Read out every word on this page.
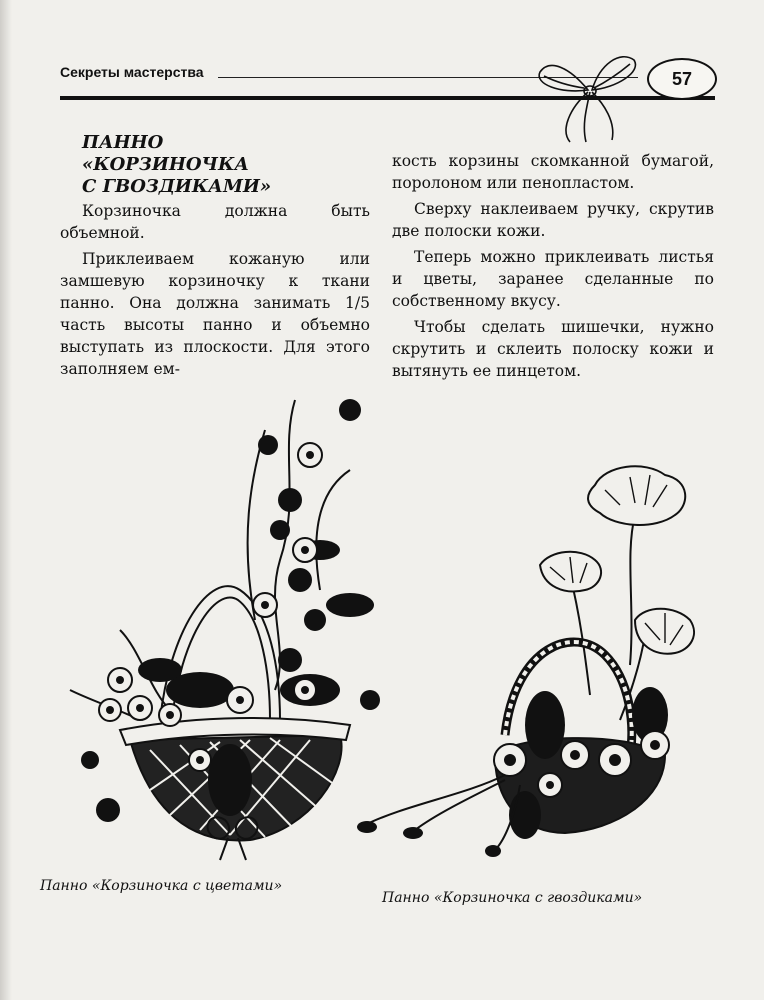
Секреты мастерства	57
ПАННО
«КОРЗИНОЧКА
С ГВОЗДИКАМИ»

Корзиночка должна быть объемной.

Приклеиваем кожаную или замшевую корзиночку к ткани панно. Она должна занимать 1/5 часть высоты панно и объемно выступать из плоскости. Для этого заполняем ем-

кость корзины скомканной бумагой, поролоном или пенопластом.

Сверху наклеиваем ручку, скрутив две полоски кожи.

Теперь можно приклеивать листья и цветы, заранее сделанные по собственному вкусу.

Чтобы сделать шишечки, нужно скрутить и склеить полоску кожи и вытянуть ее пинцетом.

Панно «Корзиночка с цветами»
Панно «Корзиночка с гвоздиками»
